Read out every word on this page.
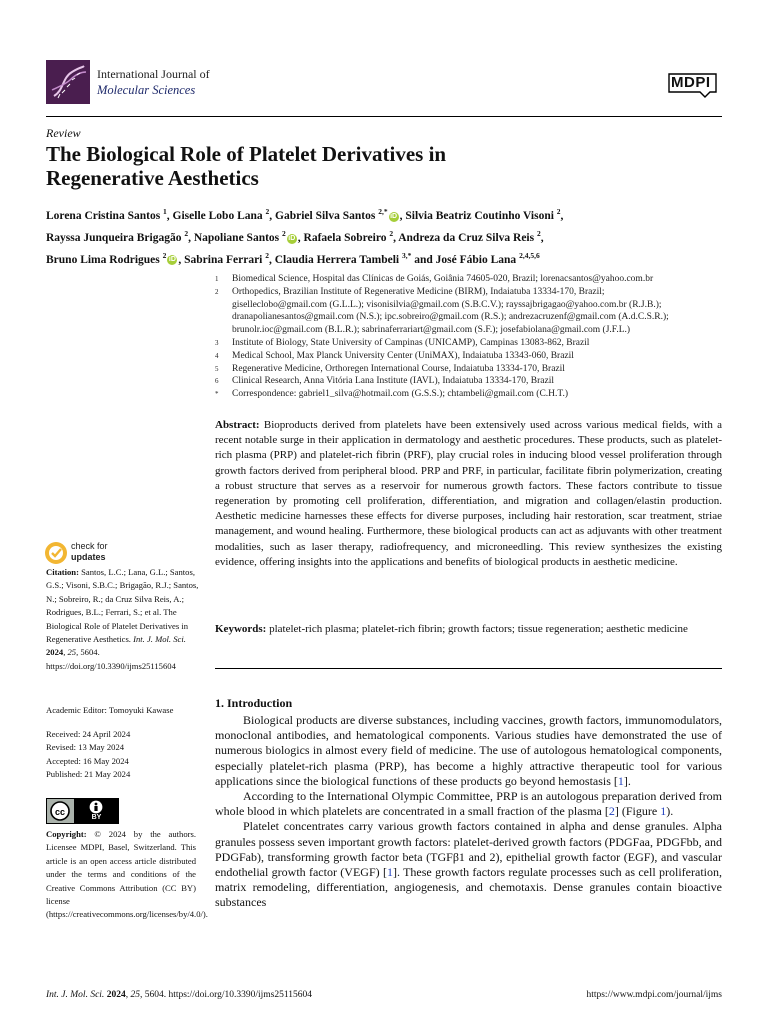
International Journal of
Molecular Sciences	MDPI
Review
The Biological Role of Platelet Derivatives in
Regenerative Aesthetics
Lorena Cristina Santos $^1$, Giselle Lobo Lana $^2$, Gabriel Silva Santos $^{2,*}$iD , Silvia Beatriz Coutinho Visoni $^2$,
Rayssa Junqueira Brigagão $^2$, Napoliane Santos $^2$iD , Rafaela Sobreiro $^2$, Andreza da Cruz Silva Reis $^2$,
Bruno Lima Rodrigues $^2$iD , Sabrina Ferrari $^2$, Claudia Herrera Tambeli $^{3,*}$ and José Fábio Lana $^{2,4,5,6}$
1 Biomedical Science, Hospital das Clínicas de Goiás, Goiânia 74605-020, Brazil; lorenacsantos@yahoo.com.br
2 Orthopedics, Brazilian Institute of Regenerative Medicine (BIRM), Indaiatuba 13334-170, Brazil;
giselleclobo@gmail.com (G.L.L.); visonisilvia@gmail.com (S.B.C.V.); rayssajbrigagao@yahoo.com.br (R.J.B.);
dranapolianesantos@gmail.com (N.S.); ipc.sobreiro@gmail.com (R.S.); andrezacruzenf@gmail.com (A.d.C.S.R.);
brunolr.ioc@gmail.com (B.L.R.); sabrinaferrariart@gmail.com (S.F.); josefabiolana@gmail.com (J.F.L.)
3 Institute of Biology, State University of Campinas (UNICAMP), Campinas 13083-862, Brazil
4 Medical School, Max Planck University Center (UniMAX), Indaiatuba 13343-060, Brazil
5 Regenerative Medicine, Orthoregen International Course, Indaiatuba 13334-170, Brazil
6 Clinical Research, Anna Vitória Lana Institute (IAVL), Indaiatuba 13334-170, Brazil
* Correspondence: gabriel1_silva@hotmail.com (G.S.S.); chtambeli@gmail.com (C.H.T.)
Abstract: Bioproducts derived from platelets have been extensively used across various medical fields, with a recent notable surge in their application in dermatology and aesthetic procedures. These products, such as platelet-rich plasma (PRP) and platelet-rich fibrin (PRF), play crucial roles in inducing blood vessel proliferation through growth factors derived from peripheral blood. PRP and PRF, in particular, facilitate fibrin polymerization, creating a robust structure that serves as a reservoir for numerous growth factors. These factors contribute to tissue regeneration by promoting cell proliferation, differentiation, and migration and collagen/elastin production. Aesthetic medicine harnesses these effects for diverse purposes, including hair restoration, scar treatment, striae management, and wound healing. Furthermore, these biological products can act as adjuvants with other treatment modalities, such as laser therapy, radiofrequency, and microneedling. This review synthesizes the existing evidence, offering insights into the applications and benefits of biological products in aesthetic medicine.
Keywords: platelet-rich plasma; platelet-rich fibrin; growth factors; tissue regeneration; aesthetic medicine
check for
updates
Citation: Santos, L.C.; Lana, G.L.; Santos, G.S.; Visoni, S.B.C.; Brigagão, R.J.; Santos, N.; Sobreiro, R.; da Cruz Silva Reis, A.; Rodrigues, B.L.; Ferrari, S.; et al. The Biological Role of Platelet Derivatives in Regenerative Aesthetics. Int. J. Mol. Sci. 2024, 25, 5604. https://doi.org/10.3390/ijms25115604
Academic Editor: Tomoyuki Kawase
Received: 24 April 2024
Revised: 13 May 2024
Accepted: 16 May 2024
Published: 21 May 2024
cc
BY
Copyright: © 2024 by the authors. Licensee MDPI, Basel, Switzerland. This article is an open access article distributed under the terms and conditions of the Creative Commons Attribution (CC BY) license (https://creativecommons.org/licenses/by/4.0/).
1. Introduction

Biological products are diverse substances, including vaccines, growth factors, immunomodulators, monoclonal antibodies, and hematological components. Various studies have demonstrated the use of numerous biologics in almost every field of medicine. The use of autologous hematological components, especially platelet-rich plasma (PRP), has become a highly attractive therapeutic tool for various applications since the biological functions of these products go beyond hemostasis [1].

According to the International Olympic Committee, PRP is an autologous preparation derived from whole blood in which platelets are concentrated in a small fraction of the plasma [2] (Figure 1).

Platelet concentrates carry various growth factors contained in alpha and dense granules. Alpha granules possess seven important growth factors: platelet-derived growth factors (PDGFaa, PDGFbb, and PDGFab), transforming growth factor beta (TGFβ1 and 2), epithelial growth factor (EGF), and vascular endothelial growth factor (VEGF) [1]. These growth factors regulate processes such as cell proliferation, matrix remodeling, differentiation, angiogenesis, and chemotaxis. Dense granules contain bioactive substances

Int. J. Mol. Sci. 2024, 25, 5604. https://doi.org/10.3390/ijms25115604	https://www.mdpi.com/journal/ijms
